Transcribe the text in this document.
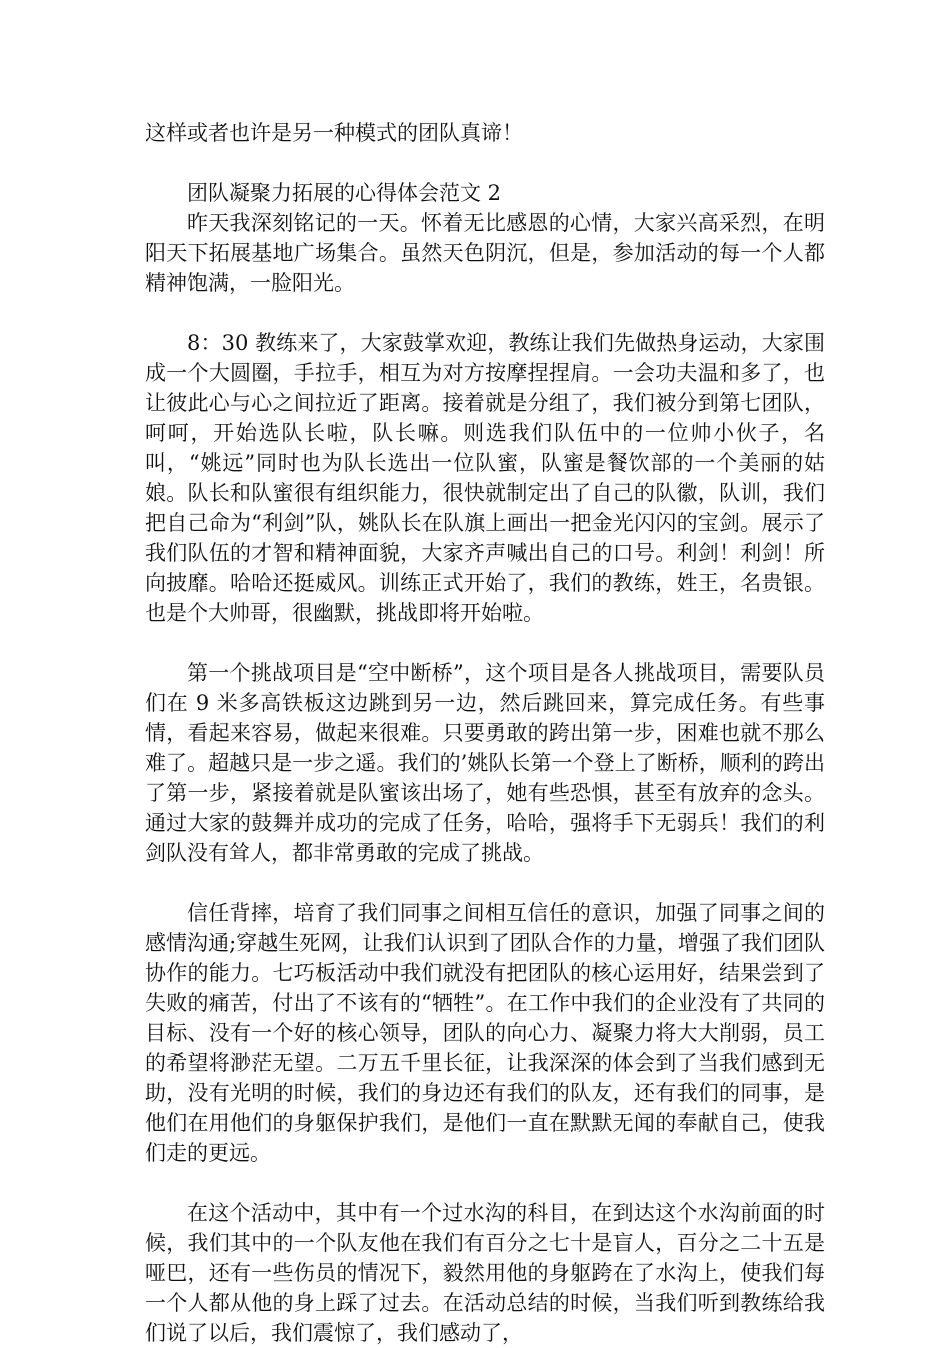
这样或者也许是另一种模式的团队真谛！

团队凝聚力拓展的心得体会范文 2

昨天我深刻铭记的一天。怀着无比感恩的心情，大家兴高采烈，在明阳天下拓展基地广场集合。虽然天色阴沉，但是，参加活动的每一个人都精神饱满，一脸阳光。

8：30 教练来了，大家鼓掌欢迎，教练让我们先做热身运动，大家围成一个大圆圈，手拉手，相互为对方按摩捏捏肩。一会功夫温和多了，也让彼此心与心之间拉近了距离。接着就是分组了，我们被分到第七团队，呵呵，开始选队长啦，队长嘛。则选我们队伍中的一位帅小伙子，名叫，“姚远”同时也为队长选出一位队蜜，队蜜是餐饮部的一个美丽的姑娘。队长和队蜜很有组织能力，很快就制定出了自己的队徽，队训，我们把自己命为“利剑”队，姚队长在队旗上画出一把金光闪闪的宝剑。展示了我们队伍的才智和精神面貌，大家齐声喊出自己的口号。利剑！利剑！所向披靡。哈哈还挺威风。训练正式开始了，我们的教练，姓王，名贵银。也是个大帅哥，很幽默，挑战即将开始啦。

第一个挑战项目是“空中断桥”，这个项目是各人挑战项目，需要队员们在 9 米多高铁板这边跳到另一边，然后跳回来，算完成任务。有些事情，看起来容易，做起来很难。只要勇敢的跨出第一步，困难也就不那么难了。超越只是一步之遥。我们的’姚队长第一个登上了断桥，顺利的跨出了第一步，紧接着就是队蜜该出场了，她有些恐惧，甚至有放弃的念头。通过大家的鼓舞并成功的完成了任务，哈哈，强将手下无弱兵！我们的利剑队没有耸人，都非常勇敢的完成了挑战。

信任背摔，培育了我们同事之间相互信任的意识，加强了同事之间的感情沟通;穿越生死网，让我们认识到了团队合作的力量，增强了我们团队协作的能力。七巧板活动中我们就没有把团队的核心运用好，结果尝到了失败的痛苦，付出了不该有的“牺牲”。在工作中我们的企业没有了共同的目标、没有一个好的核心领导，团队的向心力、凝聚力将大大削弱，员工的希望将渺茫无望。二万五千里长征，让我深深的体会到了当我们感到无助，没有光明的时候，我们的身边还有我们的队友，还有我们的同事，是他们在用他们的身躯保护我们，是他们一直在默默无闻的奉献自己，使我们走的更远。

在这个活动中，其中有一个过水沟的科目，在到达这个水沟前面的时候，我们其中的一个队友他在我们有百分之七十是盲人，百分之二十五是哑巴，还有一些伤员的情况下，毅然用他的身躯跨在了水沟上，使我们每一个人都从他的身上踩了过去。在活动总结的时候，当我们听到教练给我们说了以后，我们震惊了，我们感动了，
